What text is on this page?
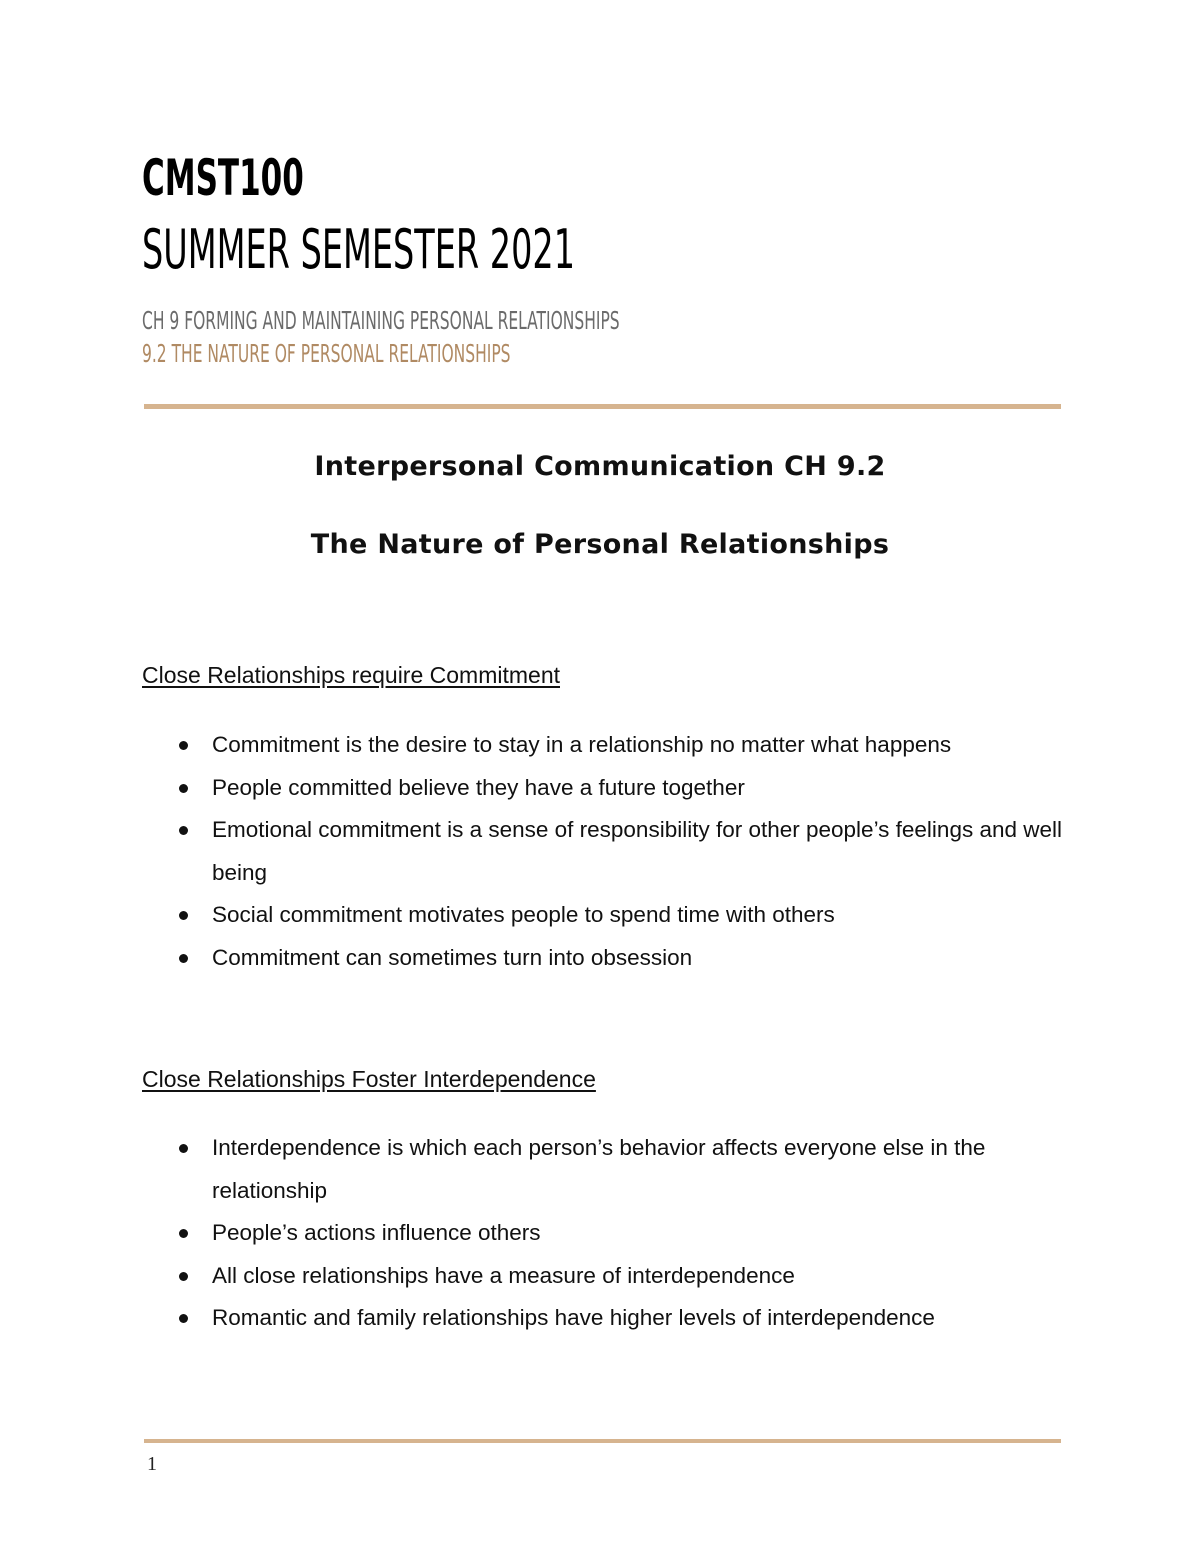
CMST100
SUMMER SEMESTER 2021

CH 9 FORMING AND MAINTAINING PERSONAL RELATIONSHIPS

9.2 THE NATURE OF PERSONAL RELATIONSHIPS

Interpersonal Communication CH 9.2
The Nature of Personal Relationships
Close Relationships require Commitment
Commitment is the desire to stay in a relationship no matter what happens
People committed believe they have a future together
Emotional commitment is a sense of responsibility for other people’s feelings and well being
Social commitment motivates people to spend time with others
Commitment can sometimes turn into obsession
Close Relationships Foster Interdependence
Interdependence is which each person’s behavior affects everyone else in the relationship
People’s actions influence others
All close relationships have a measure of interdependence
Romantic and family relationships have higher levels of interdependence

1
